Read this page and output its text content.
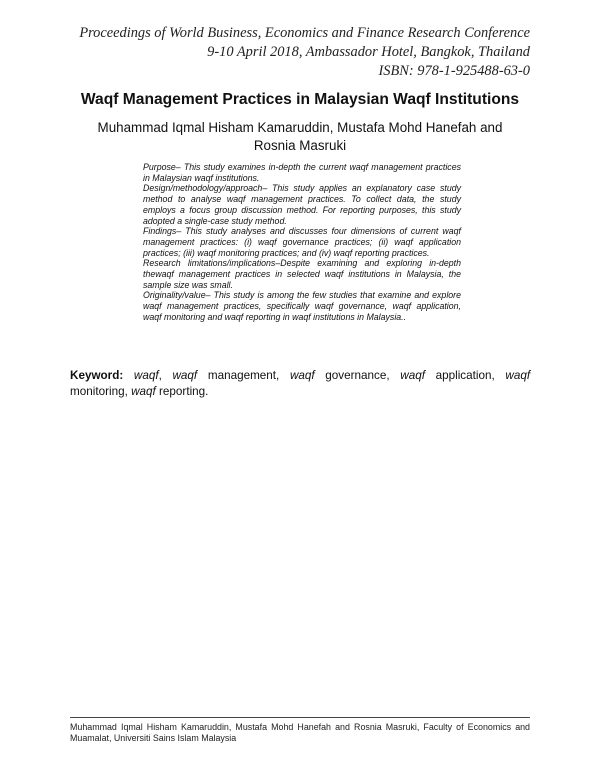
Proceedings of World Business, Economics and Finance Research Conference
9-10 April 2018, Ambassador Hotel, Bangkok, Thailand
ISBN: 978-1-925488-63-0
Waqf Management Practices in Malaysian Waqf Institutions
Muhammad Iqmal Hisham Kamaruddin, Mustafa Mohd Hanefah and
Rosnia Masruki

Purpose– This study examines in-depth the current waqf management practices in Malaysian waqf institutions.

Design/methodology/approach– This study applies an explanatory case study method to analyse waqf management practices. To collect data, the study employs a focus group discussion method. For reporting purposes, this study adopted a single-case study method.

Findings– This study analyses and discusses four dimensions of current waqf management practices: (i) waqf governance practices; (ii) waqf application practices; (iii) waqf monitoring practices; and (iv) waqf reporting practices.

Research limitations/implications–Despite examining and exploring in-depth thewaqf management practices in selected waqf institutions in Malaysia, the sample size was small.

Originality/value– This study is among the few studies that examine and explore waqf management practices, specifically waqf governance, waqf application, waqf monitoring and waqf reporting in waqf institutions in Malaysia..

Keyword: waqf, waqf management, waqf governance, waqf application, waqf monitoring, waqf reporting.
Muhammad Iqmal Hisham Kamaruddin, Mustafa Mohd Hanefah and Rosnia Masruki, Faculty of Economics and Muamalat, Universiti Sains Islam Malaysia
